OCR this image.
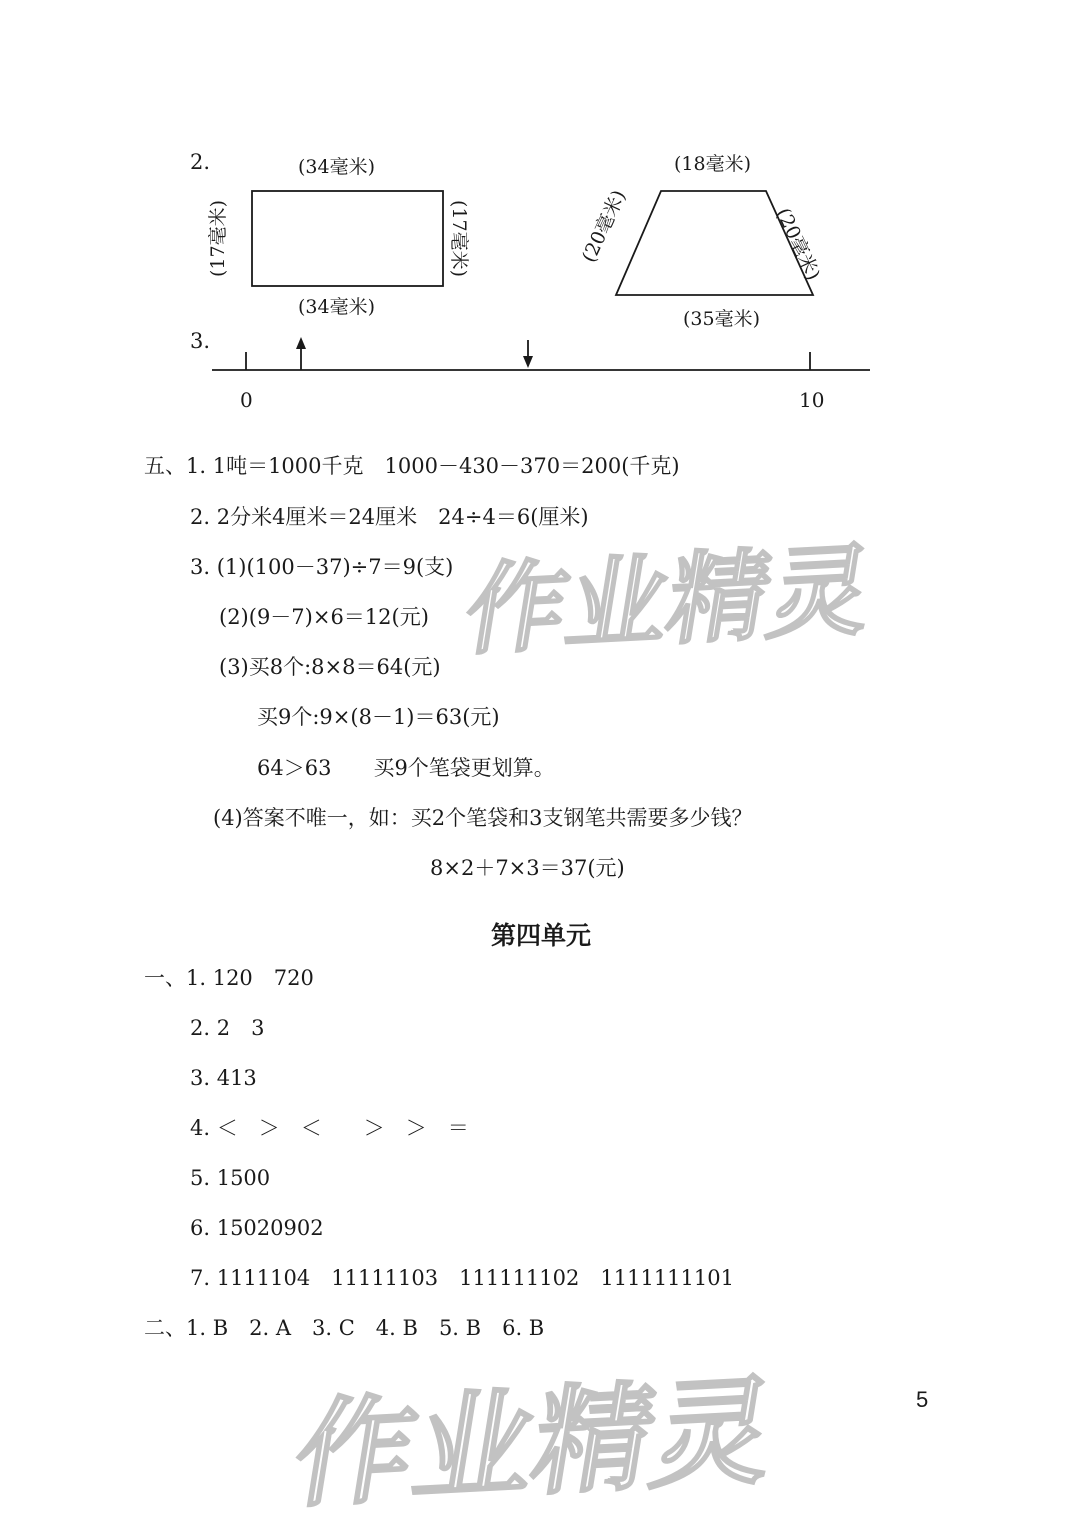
2.	(34毫米)
(34毫米)
(17毫米)	(17毫米)
(18毫米)
(35毫米)
(20毫米)	(20毫米)
3.
0	10
五、1. 1吨＝1000千克　1000－430－370＝200(千克)
2. 2分米4厘米＝24厘米　24÷4＝6(厘米)
3. (1)(100－37)÷7＝9(支)
(2)(9－7)×6＝12(元)
(3)买8个:8×8＝64(元)
买9个:9×(8－1)＝63(元)
64＞63　　买9个笔袋更划算。
(4)答案不唯一，如：买2个笔袋和3支钢笔共需要多少钱？
8×2＋7×3＝37(元)
第四单元
一、1. 120　720
2. 2　3
3. 413
4. ＜　＞　＜　　＞　＞　＝
5. 1500
6. 15020902
7. 1111104　11111103　111111102　1111111101
二、1. B　2. A　3. C　4. B　5. B　6. B
作业精灵
作业精灵	5
